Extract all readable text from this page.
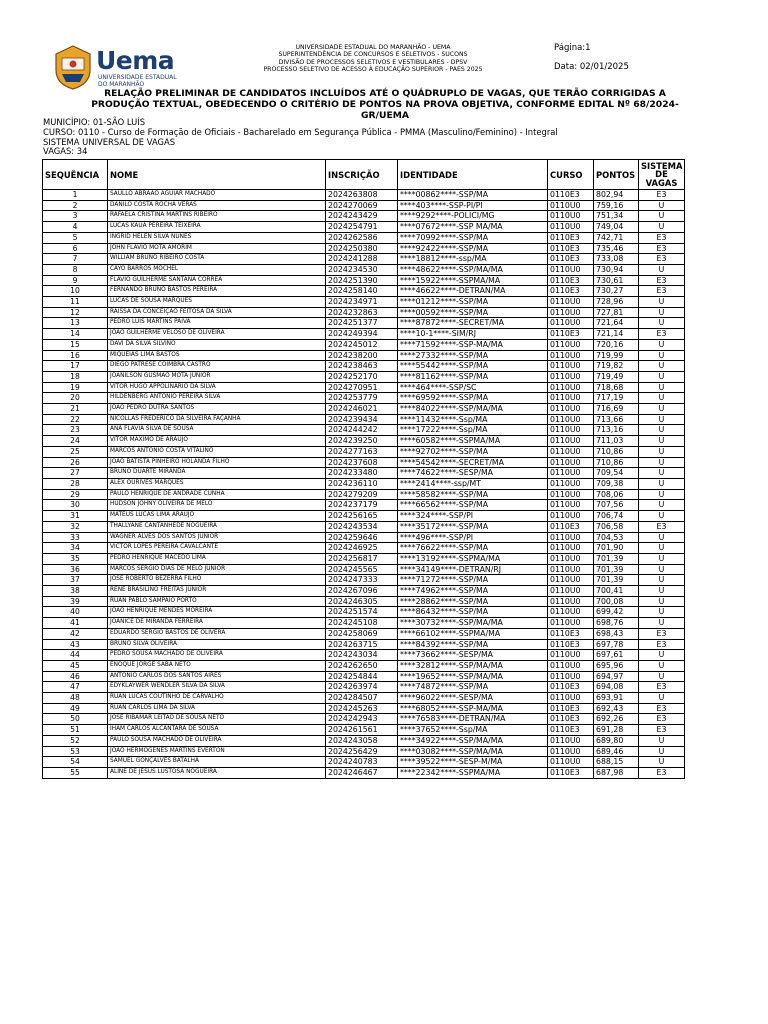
Uema
UNIVERSIDADE ESTADUAL
DO MARANHÃO
UNIVERSIDADE ESTADUAL DO MARANHÃO - UEMA
SUPERINTENDÊNCIA DE CONCURSOS E SELETIVOS - SUCONS
DIVISÃO DE PROCESSOS SELETIVOS E VESTIBULARES - DPSV
PROCESSO SELETIVO DE ACESSO À EDUCAÇÃO SUPERIOR - PAES 2025
Página:1
Data: 02/01/2025
RELAÇÃO PRELIMINAR DE CANDIDATOS INCLUÍDOS ATÉ O QUÁDRUPLO DE VAGAS, QUE TERÃO CORRIGIDAS A
PRODUÇÃO TEXTUAL, OBEDECENDO O CRITÉRIO DE PONTOS NA PROVA OBJETIVA, CONFORME EDITAL Nº 68/2024-
GR/UEMA
MUNICÍPIO: 01-SÃO LUÍS
CURSO: 0110 - Curso de Formação de Oficiais - Bacharelado em Segurança Pública - PMMA (Masculino/Feminino) - Integral
SISTEMA UNIVERSAL DE VAGAS
VAGAS: 34
SEQUÊNCIA	NOME	INSCRIÇÃO	IDENTIDADE	CURSO	PONTOS	SISTEMA DE VAGAS
1	SAULLO ABRAÃO AGUIAR MACHADO	2024263808	****00862****-SSP/MA	0110E3	802,94	E3
2	DANILO COSTA ROCHA VERAS	2024270069	****403****-SSP-PI/PI	0110U0	759,16	U
3	RAFAELA CRISTINA MARTINS RIBEIRO	2024243429	****9292****-POLICI/MG	0110U0	751,34	U
4	LUCAS KAUÃ PEREIRA TEIXEIRA	2024254791	****07672****-SSP MA/MA	0110U0	749,04	U
5	INGRID HELEN SILVA NUNES	2024262586	****70992****-SSP/MA	0110E3	742,71	E3
6	JOHN FLAVIO MOTA AMORIM	2024250380	****92422****-SSP/MA	0110E3	735,46	E3
7	WILLIAM BRUNO RIBEIRO COSTA	2024241288	****18812****-ssp/MA	0110E3	733,08	E3
8	CAYO BARROS MOCHEL	2024234530	****48622****-SSP/MA/MA	0110U0	730,94	U
9	FLÁVIO GUILHERME SANTANA CORREA	2024251390	****15922****-SSPMA/MA	0110E3	730,61	E3
10	FERNANDO BRUNO BASTOS PEREIRA	2024258140	****46622****-DETRAN/MA	0110E3	730,27	E3
11	LUCAS DE SOUSA MARQUES	2024234971	****01212****-SSP/MA	0110U0	728,96	U
12	RAISSA DA CONCEIÇÃO FEITOSA DA SILVA	2024232863	****00592****-SSP/MA	0110U0	727,81	U
13	PEDRO LUIS MARTINS PAIVA	2024251377	****87872****-SECRET/MA	0110U0	721,64	U
14	JOAO GUILHERME VELOSO DE OLIVEIRA	2024249394	****10-1****-SIM/RJ	0110E3	721,14	E3
15	DAVI DA SILVA SILVINO	2024245012	****71592****-SSP-MA/MA	0110U0	720,16	U
16	MIQUÉIAS LIMA BASTOS	2024238200	****27332****-SSP/MA	0110U0	719,99	U
17	DIEGO PATRESE COIMBRA CASTRO	2024238463	****55442****-SSP/MA	0110U0	719,82	U
18	JOANILSON GUSMÃO MOTA JÚNIOR	2024252170	****81162****-SSP/MA	0110U0	719,49	U
19	VITOR HUGO APPOLINÁRIO DA SILVA	2024270951	****464****-SSP/SC	0110U0	718,68	U
20	HILDENBERG ANTONIO PEREIRA SILVA	2024253779	****69592****-SSP/MA	0110U0	717,19	U
21	JOÃO PEDRO DUTRA SANTOS	2024246021	****84022****-SSP/MA/MA	0110U0	716,69	U
22	NICOLLAS FREDERICO DA SILVEIRA FAÇANHA	2024239434	****11432****-Ssp/MA	0110U0	713,66	U
23	ANA FLÁVIA SILVA DE SOUSA	2024244242	****17222****-Ssp/MA	0110U0	713,16	U
24	VÍTOR MÁXIMO DE ARAUJO	2024239250	****60582****-SSPMA/MA	0110U0	711,03	U
25	MARCOS ANTONIO COSTA VITALINO	2024277163	****92702****-SSP/MA	0110U0	710,86	U
26	JOÃO BATISTA PINHEIRO HOLANDA FILHO	2024237608	****54542****-SECRET/MA	0110U0	710,86	U
27	BRUNO DUARTE MIRANDA	2024233480	****74622****-SESP/MA	0110U0	709,54	U
28	ALEX OURIVES MARQUES	2024236110	****2414****-ssp/MT	0110U0	709,38	U
29	PAULO HENRIQUE DE ANDRADE CUNHA	2024279209	****58582****-SSP/MA	0110U0	708,06	U
30	HUDSON JOHNY OLIVEIRA DE MELO	2024237179	****66562****-SSP/MA	0110U0	707,56	U
31	MATEUS LUCAS LIMA ARAUJO	2024256165	****324****-SSP/PI	0110U0	706,74	U
32	THALLYANE CANTANHEDE NOGUEIRA	2024243534	****35172****-SSP/MA	0110E3	706,58	E3
33	WAGNER ALVES DOS SANTOS JÚNIOR	2024259646	****496****-SSP/PI	0110U0	704,53	U
34	VICTOR LOPES PEREIRA CAVALCANTE	2024246925	****76622****-SSP/MA	0110U0	701,90	U
35	PEDRO HENRIQUE MACÊDO LIMA	2024256817	****13192****-SSPMA/MA	0110U0	701,39	U
36	MARCOS SÉRGIO DIAS DE MELO JUNIOR	2024245565	****34149****-DETRAN/RJ	0110U0	701,39	U
37	JOSÉ ROBERTO BEZERRA FILHO	2024247333	****71272****-SSP/MA	0110U0	701,39	U
38	RENE BRASILINO FREITAS JUNIOR	2024267096	****74962****-SSP/MA	0110U0	700,41	U
39	RUAN PABLO SAMPAIO PORTO	2024246305	****28862****-SSP/MA	0110U0	700,08	U
40	JOÃO HENRIQUE MENDES MOREIRA	2024251574	****86432****-SSP/MA	0110U0	699,42	U
41	JOANICE DE MIRANDA FERREIRA	2024245108	****30732****-SSP/MA/MA	0110U0	698,76	U
42	EDUARDO SÉRGIO BASTOS DE OLIVERA	2024258069	****66102****-SSPMA/MA	0110E3	698,43	E3
43	BRUNO SILVA OLIVEIRA	2024263715	****84392****-SSP/MA	0110E3	697,78	E3
44	PEDRO SOUSA MACHADO DE OLIVEIRA	2024243034	****73662****-SESP/MA	0110U0	697,61	U
45	ENOQUE JORGE SABÁ NETO	2024262650	****32812****-SSP/MA/MA	0110U0	695,96	U
46	ANTONIO CARLOS DOS SANTOS AIRES	2024254844	****19652****-SSP/MA/MA	0110U0	694,97	U
47	EDYKLAYWER WENDLER SILVA DA SILVA	2024263974	****74872****-SSP/MA	0110E3	694,08	E3
48	RUAN LUCAS COUTINHO DE CARVALHO	2024284507	****96022****-SESP/MA	0110U0	693,91	U
49	RUAN CARLOS LIMA DA SILVA	2024245263	****68052****-SSP-MA/MA	0110E3	692,43	E3
50	JOSE RIBAMAR LEITAO DE SOUSA NETO	2024242943	****76583****-DETRAN/MA	0110E3	692,26	E3
51	IHAM CARLOS ALCANTARA DE SOUSA	2024261561	****37652****-Ssp/MA	0110E3	691,28	E3
52	PAULO SOUSA MACHADO DE OLIVEIRA	2024243058	****34922****-SSP/MA/MA	0110U0	689,80	U
53	JOÃO HERMÓGENES MARTINS EVERTON	2024256429	****03082****-SSP/MA/MA	0110U0	689,46	U
54	SAMUEL GONÇALVES BATALHA	2024240783	****39522****-SESP-M/MA	0110U0	688,15	U
55	ALINE DE JESUS LUSTOSA NOGUEIRA	2024246467	****22342****-SSPMA/MA	0110E3	687,98	E3
